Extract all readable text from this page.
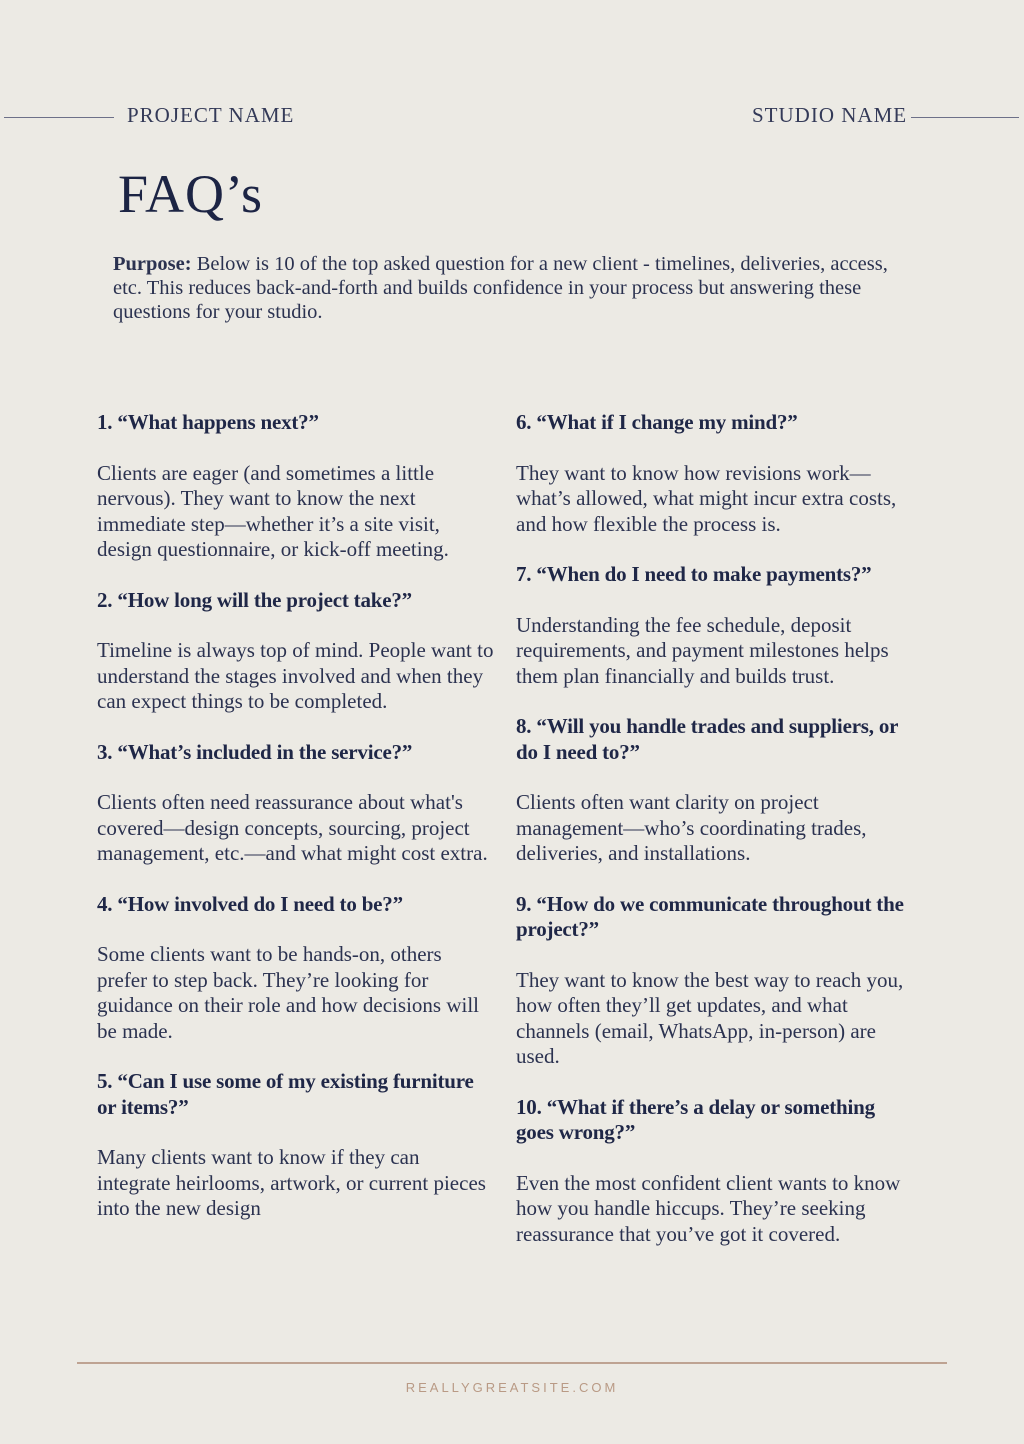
PROJECT NAME	STUDIO NAME
FAQ’s
Purpose: Below is 10 of the top asked question for a new client - timelines, deliveries, access, etc. This reduces back-and-forth and builds confidence in your process but answering these questions for your studio.

1. “What happens next?”

Clients are eager (and sometimes a little nervous). They want to know the next immediate step—whether it’s a site visit, design questionnaire, or kick-off meeting.

2. “How long will the project take?”

Timeline is always top of mind. People want to understand the stages involved and when they can expect things to be completed.

3. “What’s included in the service?”

Clients often need reassurance about what's covered—design concepts, sourcing, project management, etc.—and what might cost extra.

4. “How involved do I need to be?”

Some clients want to be hands-on, others prefer to step back. They’re looking for guidance on their role and how decisions will be made.

5. “Can I use some of my existing furniture or items?”

Many clients want to know if they can integrate heirlooms, artwork, or current pieces into the new design

6. “What if I change my mind?”

They want to know how revisions work—what’s allowed, what might incur extra costs, and how flexible the process is.

7. “When do I need to make payments?”

Understanding the fee schedule, deposit requirements, and payment milestones helps them plan financially and builds trust.

8. “Will you handle trades and suppliers, or do I need to?”

Clients often want clarity on project management—who’s coordinating trades, deliveries, and installations.

9. “How do we communicate throughout the project?”

They want to know the best way to reach you, how often they’ll get updates, and what channels (email, WhatsApp, in-person) are used.

10. “What if there’s a delay or something goes wrong?”

Even the most confident client wants to know how you handle hiccups. They’re seeking reassurance that you’ve got it covered.

REALLYGREATSITE.COM
